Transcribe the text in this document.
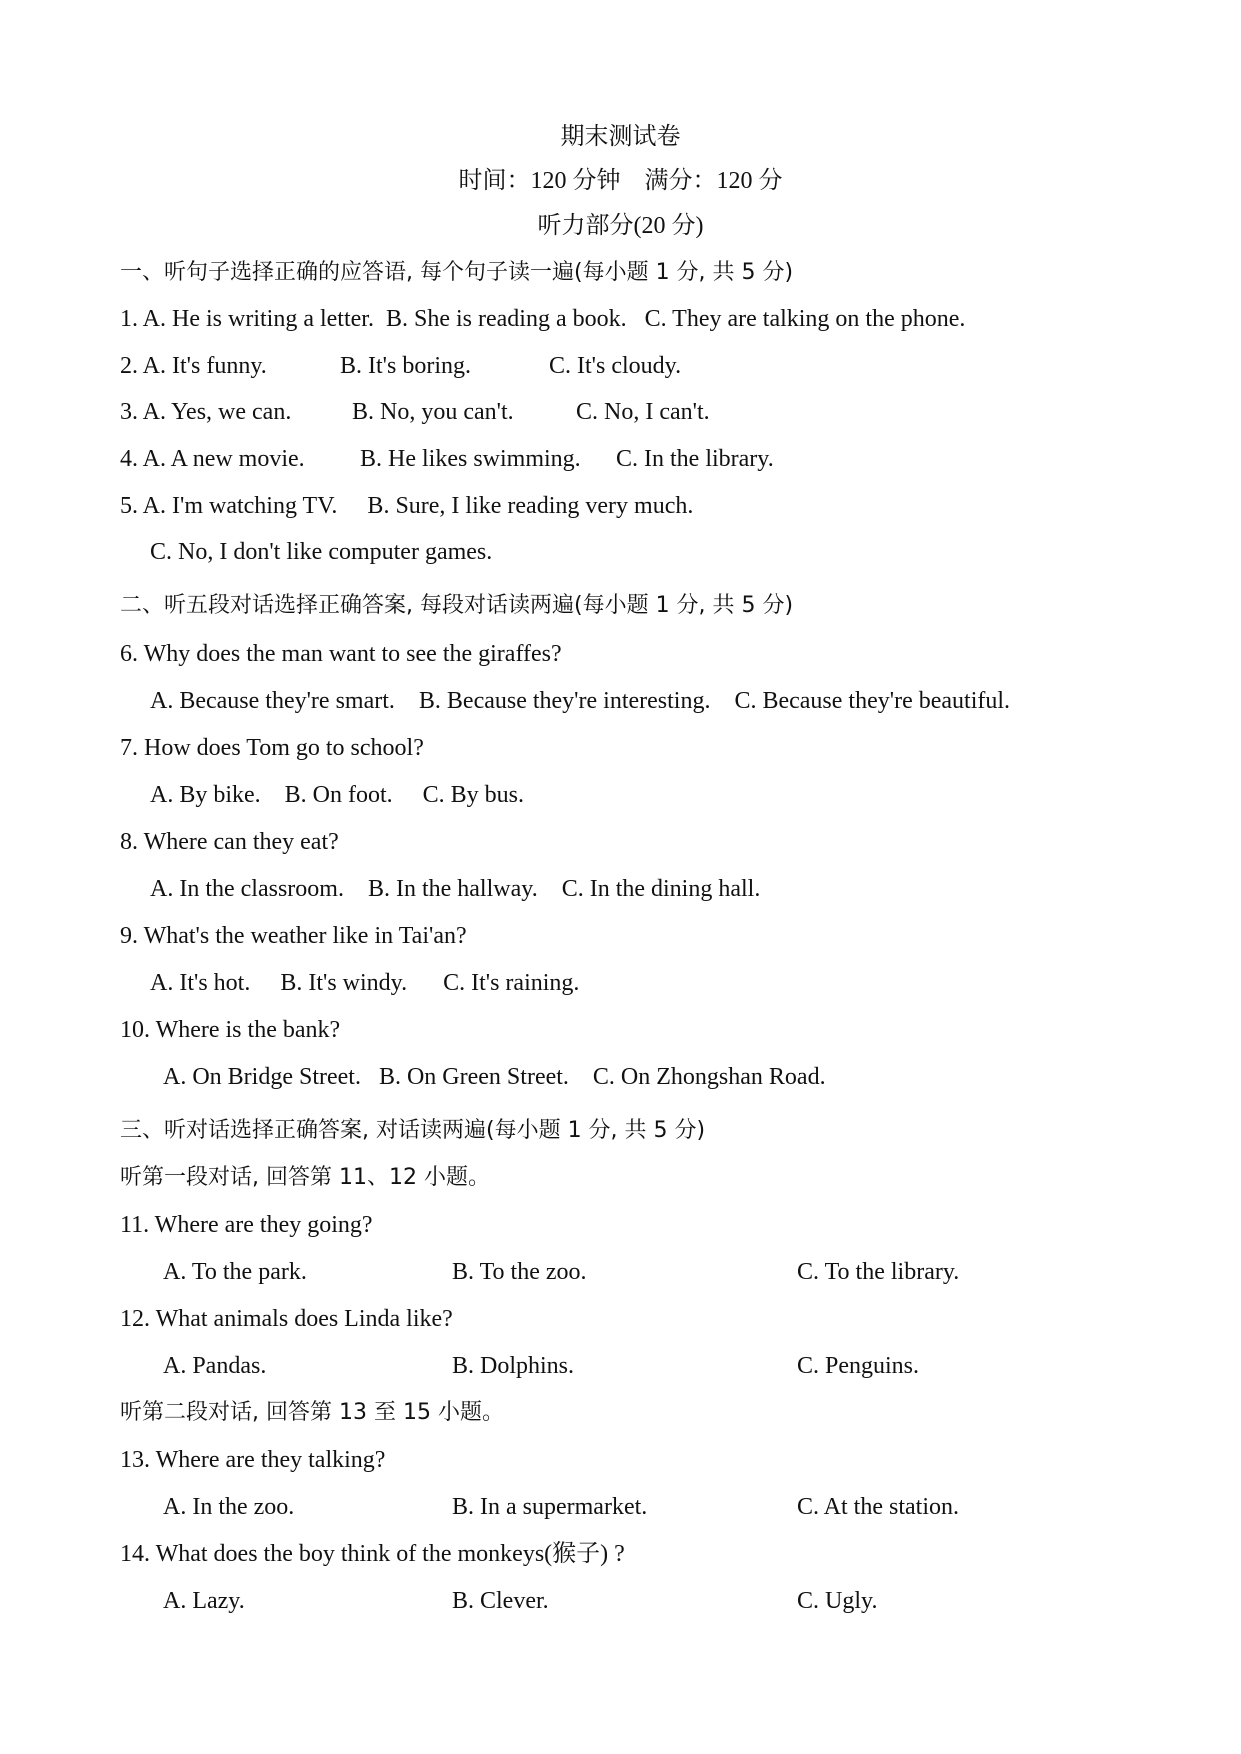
期末测试卷
时间：120 分钟　满分：120 分
听力部分(20 分)
一、听句子选择正确的应答语, 每个句子读一遍(每小题 1 分, 共 5 分)
1. A. He is writing a letter.  B. She is reading a book.   C. They are talking on the phone.
2. A. It's funny.	B. It's boring.	C. It's cloudy.
3. A. Yes, we can.	B. No, you can't.	C. No, I can't.
4. A. A new movie. B. He likes swimming. C. In the library.
5. A. I'm watching TV.     B. Sure, I like reading very much.
C. No, I don't like computer games.
二、听五段对话选择正确答案, 每段对话读两遍(每小题 1 分, 共 5 分)
6. Why does the man want to see the giraffes?
A. Because they're smart.    B. Because they're interesting.    C. Because they're beautiful.
7. How does Tom go to school?
A. By bike.    B. On foot.     C. By bus.
8. Where can they eat?
A. In the classroom.    B. In the hallway.    C. In the dining hall.
9. What's the weather like in Tai'an?
A. It's hot.     B. It's windy.      C. It's raining.
10. Where is the bank?
A. On Bridge Street.   B. On Green Street.    C. On Zhongshan Road.
三、听对话选择正确答案, 对话读两遍(每小题 1 分, 共 5 分)
听第一段对话, 回答第 11、12 小题。
11. Where are they going?
A. To the park.	B. To the zoo.	C. To the library.
12. What animals does Linda like?
A. Pandas.	B. Dolphins.	C. Penguins.
听第二段对话, 回答第 13 至 15 小题。
13. Where are they talking?
A. In the zoo.	B. In a supermarket.	C. At the station.
14. What does the boy think of the monkeys(猴子) ?
A. Lazy.	B. Clever.	C. Ugly.
